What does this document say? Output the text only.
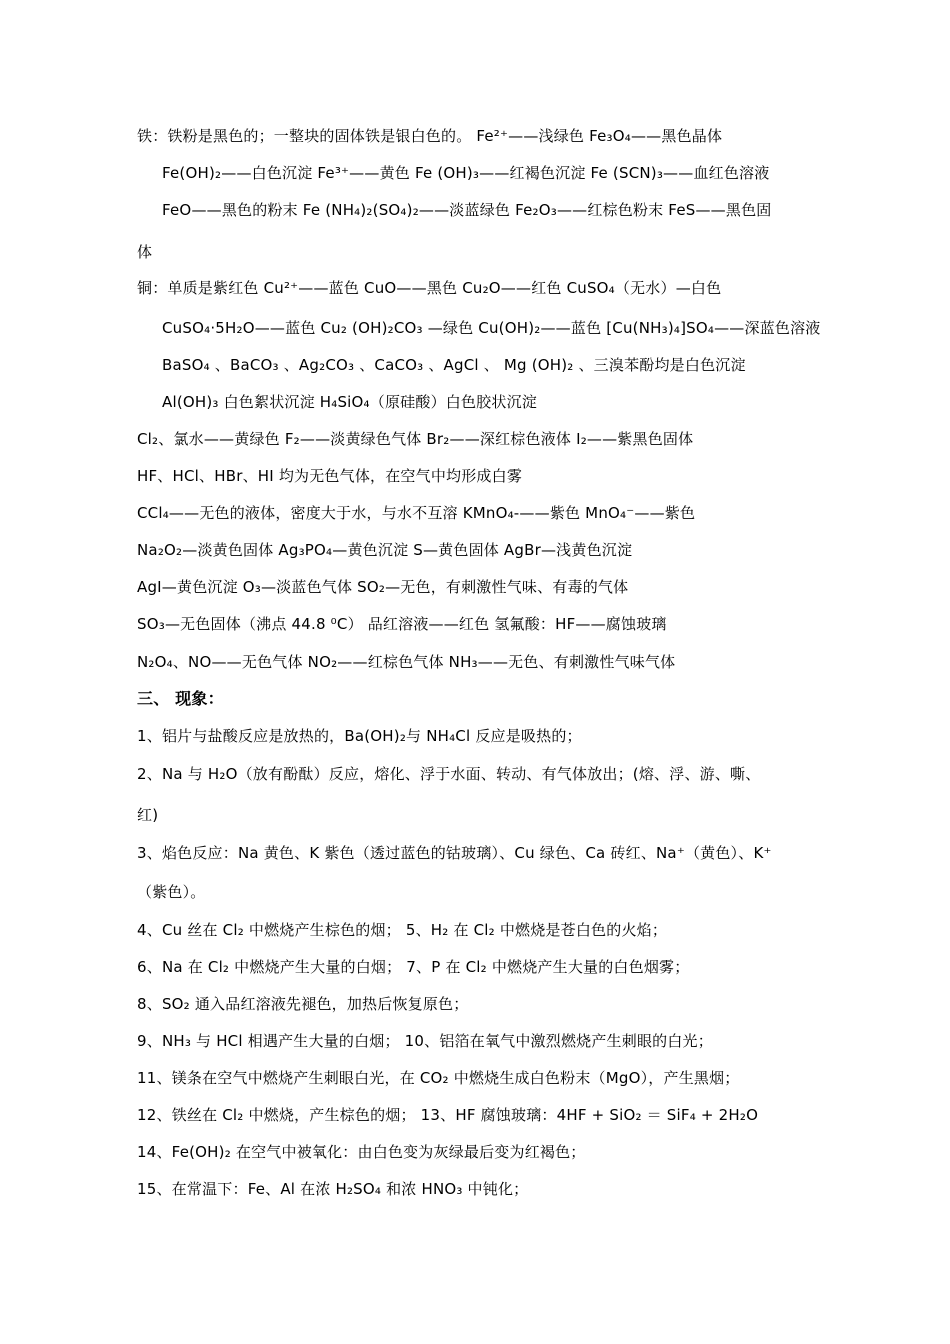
铁：铁粉是黑色的；一整块的固体铁是银白色的。 Fe²⁺——浅绿色 Fe₃O₄——黑色晶体
Fe(OH)₂——白色沉淀 Fe³⁺——黄色 Fe (OH)₃——红褐色沉淀 Fe (SCN)₃——血红色溶液
FeO——黑色的粉末 Fe (NH₄)₂(SO₄)₂——淡蓝绿色 Fe₂O₃——红棕色粉末 FeS——黑色固
体
铜：单质是紫红色 Cu²⁺——蓝色 CuO——黑色 Cu₂O——红色 CuSO₄（无水）—白色
CuSO₄·5H₂O——蓝色 Cu₂ (OH)₂CO₃ —绿色 Cu(OH)₂——蓝色 [Cu(NH₃)₄]SO₄——深蓝色溶液
BaSO₄ 、BaCO₃ 、Ag₂CO₃ 、CaCO₃ 、AgCl 、 Mg (OH)₂ 、三溴苯酚均是白色沉淀
Al(OH)₃ 白色絮状沉淀 H₄SiO₄（原硅酸）白色胶状沉淀
Cl₂、氯水——黄绿色 F₂——淡黄绿色气体 Br₂——深红棕色液体 I₂——紫黑色固体
HF、HCl、HBr、HI 均为无色气体，在空气中均形成白雾
CCl₄——无色的液体，密度大于水，与水不互溶 KMnO₄-——紫色 MnO₄⁻——紫色
Na₂O₂—淡黄色固体 Ag₃PO₄—黄色沉淀 S—黄色固体 AgBr—浅黄色沉淀
AgI—黄色沉淀 O₃—淡蓝色气体 SO₂—无色，有刺激性气味、有毒的气体
SO₃—无色固体（沸点 44.8 ⁰C） 品红溶液——红色 氢氟酸：HF——腐蚀玻璃
N₂O₄、NO——无色气体 NO₂——红棕色气体 NH₃——无色、有刺激性气味气体
三、 现象：
1、铝片与盐酸反应是放热的，Ba(OH)₂与 NH₄Cl 反应是吸热的；
2、Na 与 H₂O（放有酚酞）反应，熔化、浮于水面、转动、有气体放出；(熔、浮、游、嘶、
红)
3、焰色反应：Na 黄色、K 紫色（透过蓝色的钴玻璃）、Cu 绿色、Ca 砖红、Na⁺（黄色）、K⁺
（紫色）。
4、Cu 丝在 Cl₂ 中燃烧产生棕色的烟； 5、H₂ 在 Cl₂ 中燃烧是苍白色的火焰；
6、Na 在 Cl₂ 中燃烧产生大量的白烟； 7、P 在 Cl₂ 中燃烧产生大量的白色烟雾；
8、SO₂ 通入品红溶液先褪色，加热后恢复原色；
9、NH₃ 与 HCl 相遇产生大量的白烟； 10、铝箔在氧气中激烈燃烧产生刺眼的白光；
11、镁条在空气中燃烧产生刺眼白光，在 CO₂ 中燃烧生成白色粉末（MgO），产生黑烟；
12、铁丝在 Cl₂ 中燃烧，产生棕色的烟； 13、HF 腐蚀玻璃：4HF + SiO₂ ＝ SiF₄ + 2H₂O
14、Fe(OH)₂ 在空气中被氧化：由白色变为灰绿最后变为红褐色；
15、在常温下：Fe、Al 在浓 H₂SO₄ 和浓 HNO₃ 中钝化；
